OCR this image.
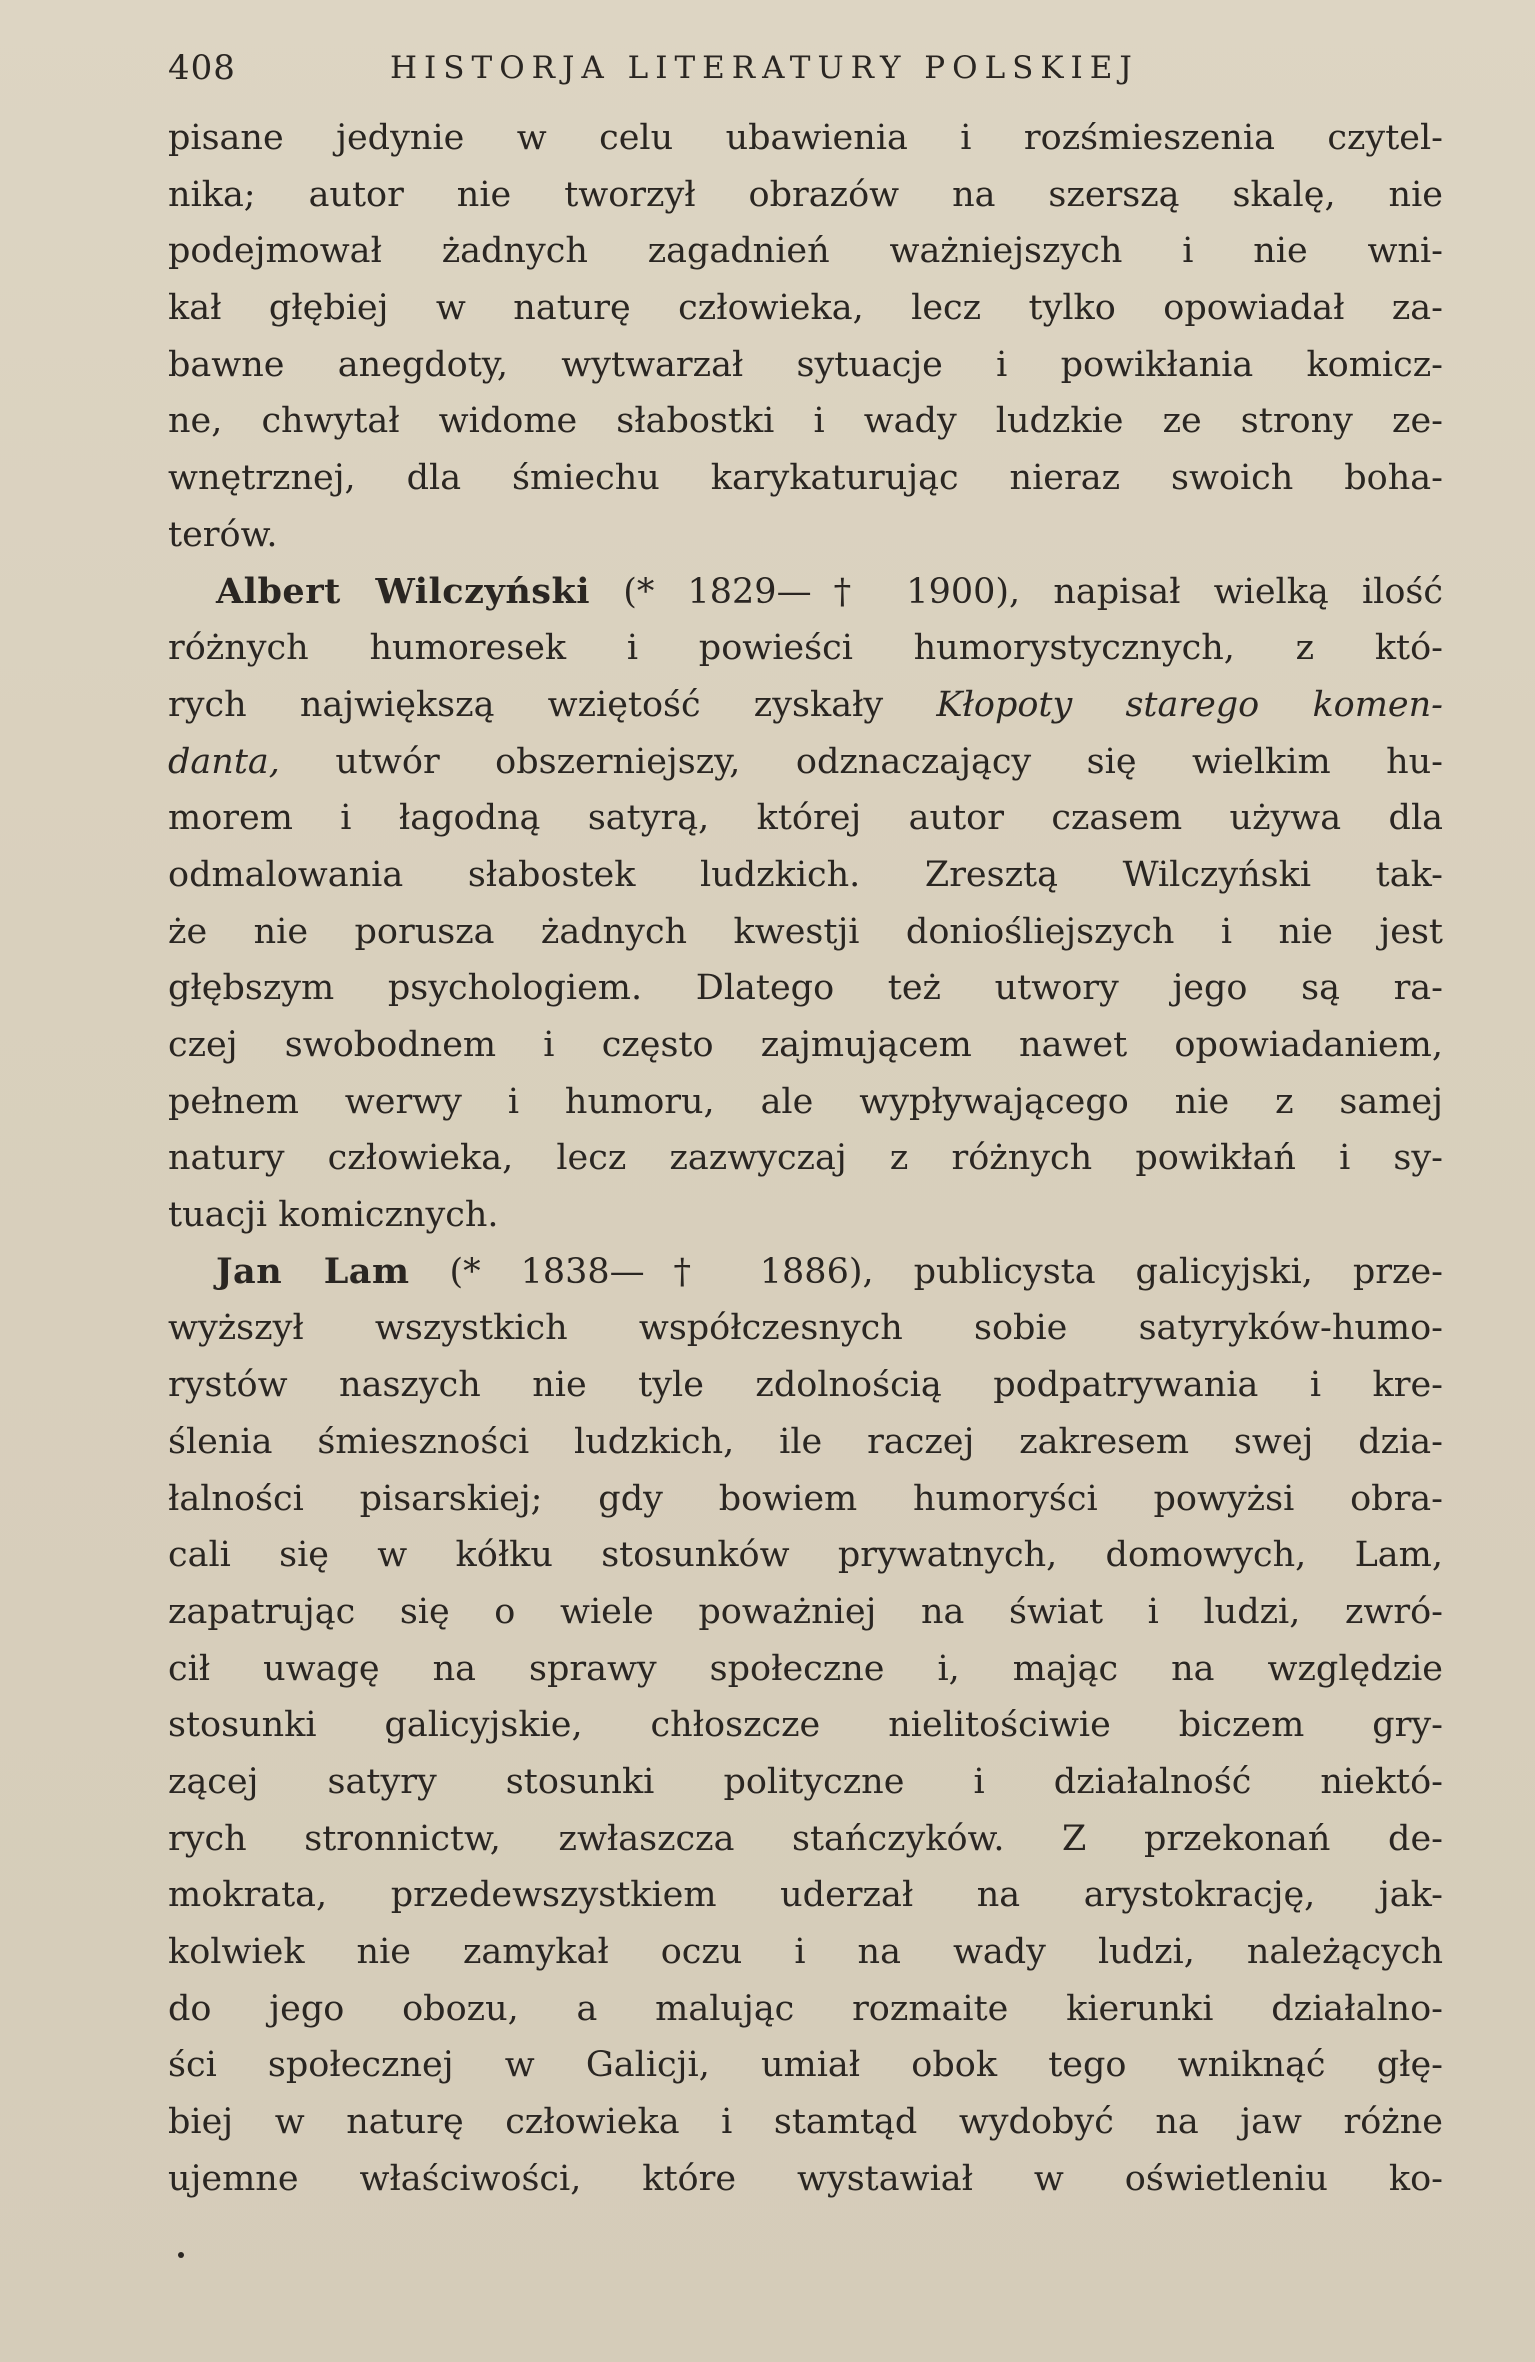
408	HISTORJA LITERATURY POLSKIEJ
pisane jedynie w celu ubawienia i rozśmieszenia czytel-
nika; autor nie tworzył obrazów na szerszą skalę, nie
podejmował żadnych zagadnień ważniejszych i nie wni-
kał głębiej w naturę człowieka, lecz tylko opowiadał za-
bawne anegdoty, wytwarzał sytuacje i powikłania komicz-
ne, chwytał widome słabostki i wady ludzkie ze strony ze-
wnętrznej, dla śmiechu karykaturując nieraz swoich boha-
terów.
Albert Wilczyński (* 1829—† 1900), napisał wielką ilość
różnych humoresek i powieści humorystycznych, z któ-
rych największą wziętość zyskały Kłopoty starego komen-
danta, utwór obszerniejszy, odznaczający się wielkim hu-
morem i łagodną satyrą, której autor czasem używa dla
odmalowania słabostek ludzkich. Zresztą Wilczyński tak-
że nie porusza żadnych kwestji doniośliejszych i nie jest
głębszym psychologiem. Dlatego też utwory jego są ra-
czej swobodnem i często zajmującem nawet opowiadaniem,
pełnem werwy i humoru, ale wypływającego nie z samej
natury człowieka, lecz zazwyczaj z różnych powikłań i sy-
tuacji komicznych.
Jan Lam (* 1838—† 1886), publicysta galicyjski, prze-
wyższył wszystkich współczesnych sobie satyryków-humo-
rystów naszych nie tyle zdolnością podpatrywania i kre-
ślenia śmieszności ludzkich, ile raczej zakresem swej dzia-
łalności pisarskiej; gdy bowiem humoryści powyżsi obra-
cali się w kółku stosunków prywatnych, domowych, Lam,
zapatrując się o wiele poważniej na świat i ludzi, zwró-
cił uwagę na sprawy społeczne i, mając na względzie
stosunki galicyjskie, chłoszcze nielitościwie biczem gry-
zącej satyry stosunki polityczne i działalność niektó-
rych stronnictw, zwłaszcza stańczyków. Z przekonań de-
mokrata, przedewszystkiem uderzał na arystokrację, jak-
kolwiek nie zamykał oczu i na wady ludzi, należących
do jego obozu, a malując rozmaite kierunki działalno-
ści społecznej w Galicji, umiał obok tego wniknąć głę-
biej w naturę człowieka i stamtąd wydobyć na jaw różne
ujemne właściwości, które wystawiał w oświetleniu ko-
